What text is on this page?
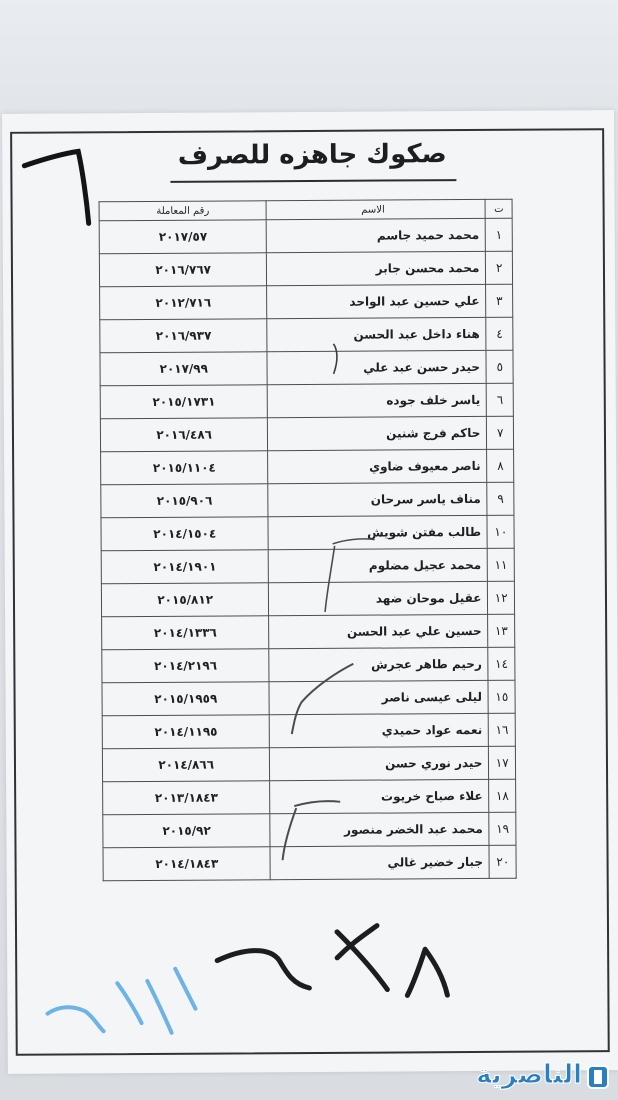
صكوك جاهزه للصرف
ت	الاسم	رقم المعاملة
١	محمد حميد جاسم	٢٠١٧/٥٧
٢	محمد محسن جابر	٢٠١٦/٧٦٧
٣	علي حسين عبد الواحد	٢٠١٢/٧١٦
٤	هناء داخل عبد الحسن	٢٠١٦/٩٣٧
٥	حيدر حسن عبد علي	٢٠١٧/٩٩
٦	ياسر خلف جوده	٢٠١٥/١٧٣١
٧	حاكم فرج شنين	٢٠١٦/٤٨٦
٨	ناصر معيوف ضاوي	٢٠١٥/١١٠٤
٩	مناف ياسر سرحان	٢٠١٥/٩٠٦
١٠	طالب مفتن شويش	٢٠١٤/١٥٠٤
١١	محمد عجيل مضلوم	٢٠١٤/١٩٠١
١٢	عقيل موحان ضهد	٢٠١٥/٨١٢
١٣	حسين علي عبد الحسن	٢٠١٤/١٣٣٦
١٤	رحيم طاهر عجرش	٢٠١٤/٢١٩٦
١٥	ليلى عيسى ناصر	٢٠١٥/١٩٥٩
١٦	نعمه عواد حميدي	٢٠١٤/١١٩٥
١٧	حيدر نوري حسن	٢٠١٤/٨٦٦
١٨	علاء صباح خريوت	٢٠١٣/١٨٤٣
١٩	محمد عبد الخضر منصور	٢٠١٥/٩٢
٢٠	جبار خضير غالي	٢٠١٤/١٨٤٣
الناصرية
